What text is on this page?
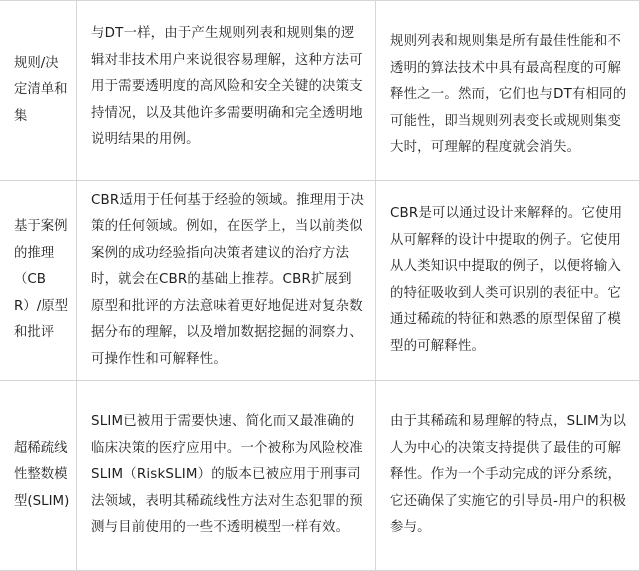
规则/决定清单和集	与DT一样，由于产生规则列表和规则集的逻辑对非技术用户来说很容易理解，这种方法可用于需要透明度的高风险和安全关键的决策支持情况，以及其他许多需要明确和完全透明地说明结果的用例。	规则列表和规则集是所有最佳性能和不透明的算法技术中具有最高程度的可解释性之一。然而，它们也与DT有相同的可能性，即当规则列表变长或规则集变大时，可理解的程度就会消失。

基于案例的推理（CBR）/原型和批评	CBR适用于任何基于经验的领域。推理用于决策的任何领域。例如，在医学上，当以前类似案例的成功经验指向决策者建议的治疗方法时，就会在CBR的基础上推荐。CBR扩展到原型和批评的方法意味着更好地促进对复杂数据分布的理解，以及增加数据挖掘的洞察力、可操作性和可解释性。	CBR是可以通过设计来解释的。它使用从可解释的设计中提取的例子。它使用从人类知识中提取的例子，以便将输入的特征吸收到人类可识别的表征中。它通过稀疏的特征和熟悉的原型保留了模型的可解释性。

超稀疏线性整数模型(SLIM)	SLIM已被用于需要快速、简化而又最准确的临床决策的医疗应用中。一个被称为风险校准SLIM（RiskSLIM）的版本已被应用于刑事司法领域，表明其稀疏线性方法对生态犯罪的预测与目前使用的一些不透明模型一样有效。	由于其稀疏和易理解的特点，SLIM为以人为中心的决策支持提供了最佳的可解释性。作为一个手动完成的评分系统，它还确保了实施它的引导员-用户的积极参与。
